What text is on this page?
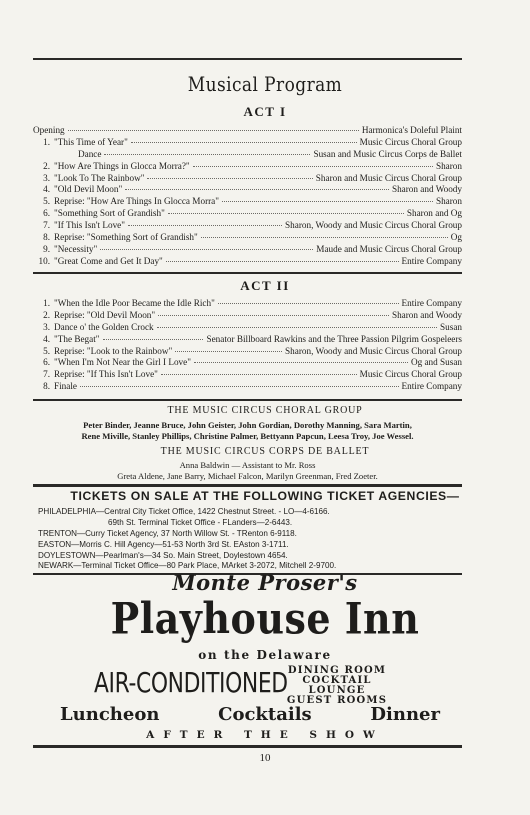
Musical Program
ACT I
Opening	Harmonica's Doleful Plaint
1. "This Time of Year"	Music Circus Choral Group
Dance	Susan and Music Circus Corps de Ballet
2. "How Are Things in Glocca Morra?"	Sharon
3. "Look To The Rainbow"	Sharon and Music Circus Choral Group
4. "Old Devil Moon"	Sharon and Woody
5. Reprise: "How Are Things In Glocca Morra"	Sharon
6. "Something Sort of Grandish"	Sharon and Og
7. "If This Isn't Love"	Sharon, Woody and Music Circus Choral Group
8. Reprise: "Something Sort of Grandish"	Og
9. "Necessity"	Maude and Music Circus Choral Group
10. "Great Come and Get It Day"	Entire Company
ACT II
1. "When the Idle Poor Became the Idle Rich"	Entire Company
2. Reprise: "Old Devil Moon"	Sharon and Woody
3. Dance o' the Golden Crock	Susan
4. "The Begat"	Senator Billboard Rawkins and the Three Passion Pilgrim Gospeleers
5. Reprise: "Look to the Rainbow"	Sharon, Woody and Music Circus Choral Group
6. "When I'm Not Near the Girl I Love"	Og and Susan
7. Reprise: "If This Isn't Love"	Music Circus Choral Group
8. Finale	Entire Company
THE MUSIC CIRCUS CHORAL GROUP
Peter Binder, Jeanne Bruce, John Geister, John Gordian, Dorothy Manning, Sara Martin,
Rene Miville, Stanley Phillips, Christine Palmer, Bettyann Papcun, Leesa Troy, Joe Wessel.
THE MUSIC CIRCUS CORPS DE BALLET
Anna Baldwin — Assistant to Mr. Ross
Greta Aldene, Jane Barry, Michael Falcon, Marilyn Greenman, Fred Zoeter.
TICKETS ON SALE AT THE FOLLOWING TICKET AGENCIES—
PHILADELPHIA—Central City Ticket Office, 1422 Chestnut Street. - LO—4-6166.
69th St. Terminal Ticket Office - FLanders—2-6443.
TRENTON—Curry Ticket Agency, 37 North Willow St. - TRenton 6-9118.
EASTON—Morris C. Hill Agency—51-53 North 3rd St. EAston 3-1711.
DOYLESTOWN—Pearlman's—34 So. Main Street, Doylestown 4654.
NEWARK—Terminal Ticket Office—80 Park Place, MArket 3-2072, Mitchell 2-9700.
Monte Proser's
Playhouse Inn
on the Delaware
AIR-CONDITIONED DINING ROOM
COCKTAIL LOUNGE
GUEST ROOMS
Luncheon	Cocktails	Dinner
AFTER THE SHOW
10
